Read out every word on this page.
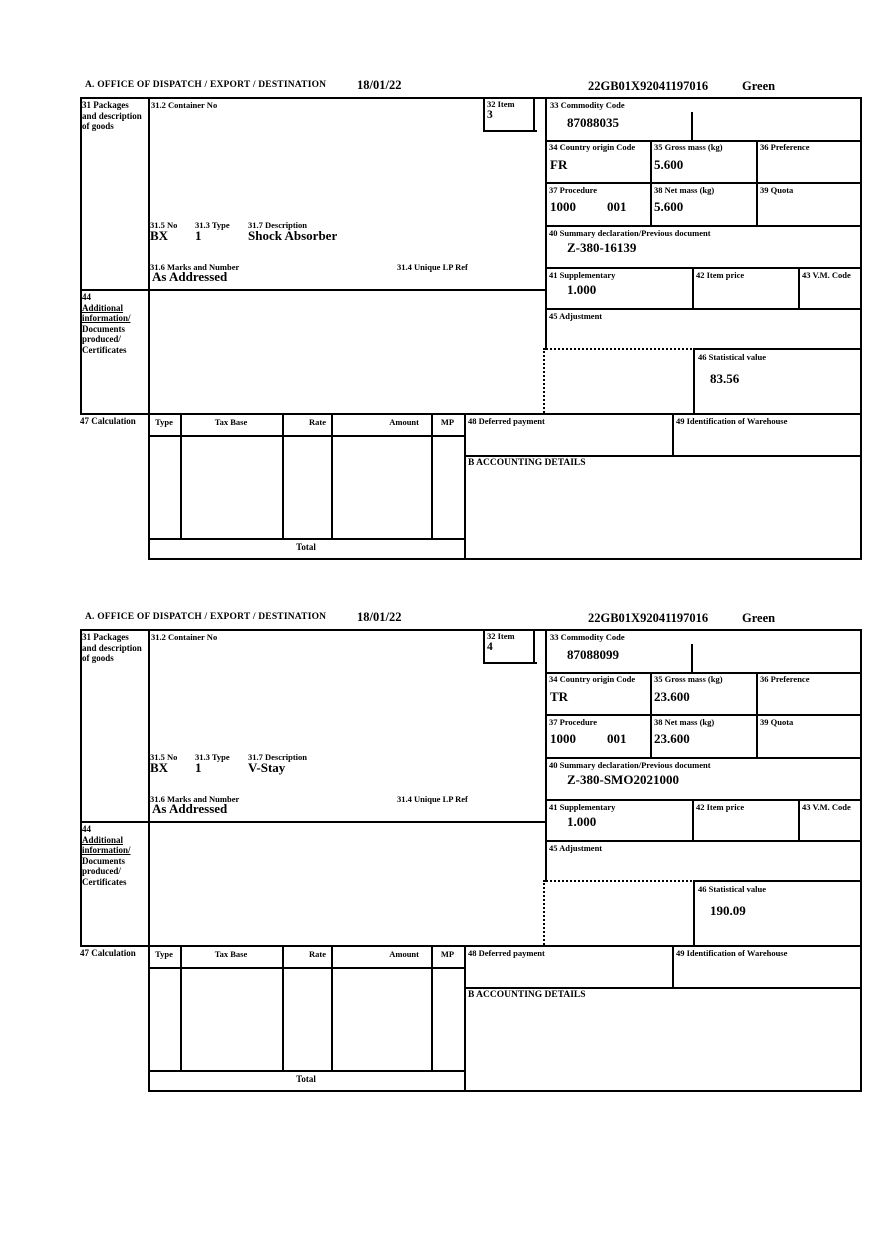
A. OFFICE OF DISPATCH / EXPORT / DESTINATION 18/01/22	22GB01X92041197016	Green
31 Packages and description of goods
31.2 Container No	32 Item
3
33 Commodity Code
87088035
34 Country origin Code
FR
35 Gross mass (kg)
5.600
36 Preference
37 Procedure
1000 001
38 Net mass (kg)
5.600
39 Quota
31.5 No 31.3 Type 31.7 Description
BX 1	Shock Absorber
31.6 Marks and Number	31.4 Unique LP Ref
As Addressed
40 Summary declaration/Previous document
Z-380-16139
41 Supplementary
1.000
42 Item price	43 V.M. Code
44
Additional information/ Documents produced/ Certificates
45 Adjustment
46 Statistical value
83.56
47 Calculation	Type	Tax Base	Rate	Amount	MP
Total
48 Deferred payment	49 Identification of Warehouse
B ACCOUNTING DETAILS
A. OFFICE OF DISPATCH / EXPORT / DESTINATION 18/01/22	22GB01X92041197016	Green
31 Packages and description of goods
31.2 Container No	32 Item
4
33 Commodity Code
87088099
34 Country origin Code
TR
35 Gross mass (kg)
23.600
36 Preference
37 Procedure
1000 001
38 Net mass (kg)
23.600
39 Quota
31.5 No 31.3 Type 31.7 Description
BX 1	V-Stay
31.6 Marks and Number	31.4 Unique LP Ref
As Addressed
40 Summary declaration/Previous document
Z-380-SMO2021000
41 Supplementary
1.000
42 Item price	43 V.M. Code
44
Additional information/ Documents produced/ Certificates
45 Adjustment
46 Statistical value
190.09
47 Calculation	Type	Tax Base	Rate	Amount	MP
Total
48 Deferred payment	49 Identification of Warehouse
B ACCOUNTING DETAILS
